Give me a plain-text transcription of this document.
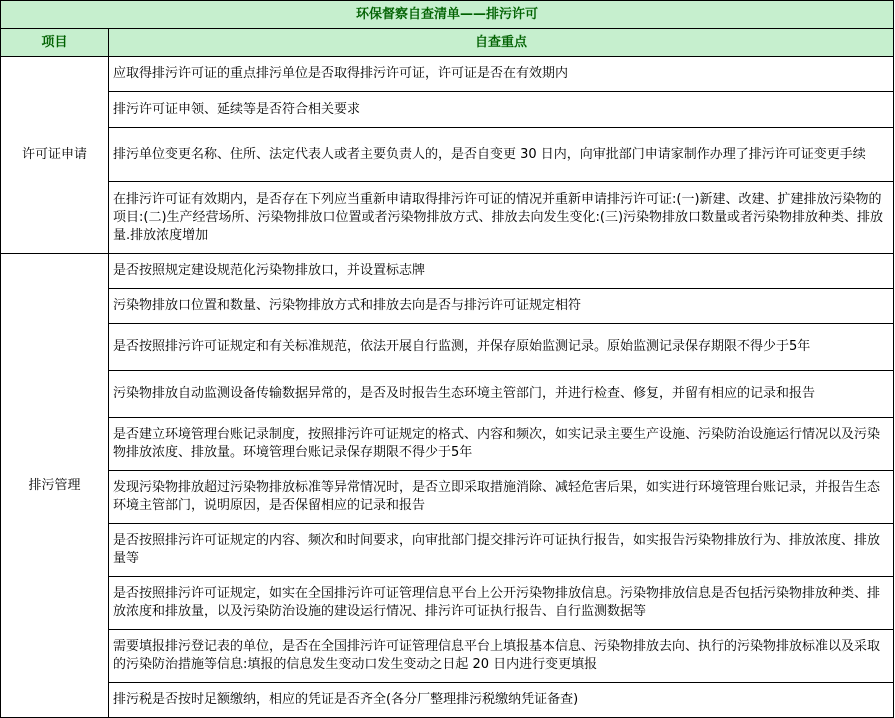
环保督察自查清单——排污许可	
项目	自查重点
许可证申请	应取得排污许可证的重点排污单位是否取得排污许可证，许可证是否在有效期内
	排污许可证申领、延续等是否符合相关要求
	排污单位变更名称、住所、法定代表人或者主要负责人的，是否自变更 30 日内，向审批部门申请家制作办理了排污许可证变更手续
	在排污许可证有效期内，是否存在下列应当重新申请取得排污许可证的情况并重新申请排污许可证:(一)新建、改建、扩建排放污染物的项目:(二)生产经营场所、污染物排放口位置或者污染物排放方式、排放去向发生变化:(三)污染物排放口数量或者污染物排放种类、排放量.排放浓度增加
排污管理	是否按照规定建设规范化污染物排放口，并设置标志牌
	污染物排放口位置和数量、污染物排放方式和排放去向是否与排污许可证规定相符
	是否按照排污许可证规定和有关标准规范，依法开展自行监测，并保存原始监测记录。原始监测记录保存期限不得少于5年
	污染物排放自动监测设备传输数据异常的，是否及时报告生态环境主管部门，并进行检查、修复，并留有相应的记录和报告
	是否建立环境管理台账记录制度，按照排污许可证规定的格式、内容和频次，如实记录主要生产设施、污染防治设施运行情况以及污染物排放浓度、排放量。环境管理台账记录保存期限不得少于5年
	发现污染物排放超过污染物排放标准等异常情况时，是否立即采取措施消除、减轻危害后果，如实进行环境管理台账记录，并报告生态环境主管部门，说明原因，是否保留相应的记录和报告
	是否按照排污许可证规定的内容、频次和时间要求，向审批部门提交排污许可证执行报告，如实报告污染物排放行为、排放浓度、排放量等
	是否按照排污许可证规定，如实在全国排污许可证管理信息平台上公开污染物排放信息。污染物排放信息是否包括污染物排放种类、排放浓度和排放量，以及污染防治设施的建设运行情况、排污许可证执行报告、自行监测数据等
	需要填报排污登记表的单位，是否在全国排污许可证管理信息平台上填报基本信息、污染物排放去向、执行的污染物排放标准以及采取的污染防治措施等信息:填报的信息发生变动口发生变动之日起 20 日内进行变更填报
	排污税是否按时足额缴纳，相应的凭证是否齐全(各分厂整理排污税缴纳凭证备查)
